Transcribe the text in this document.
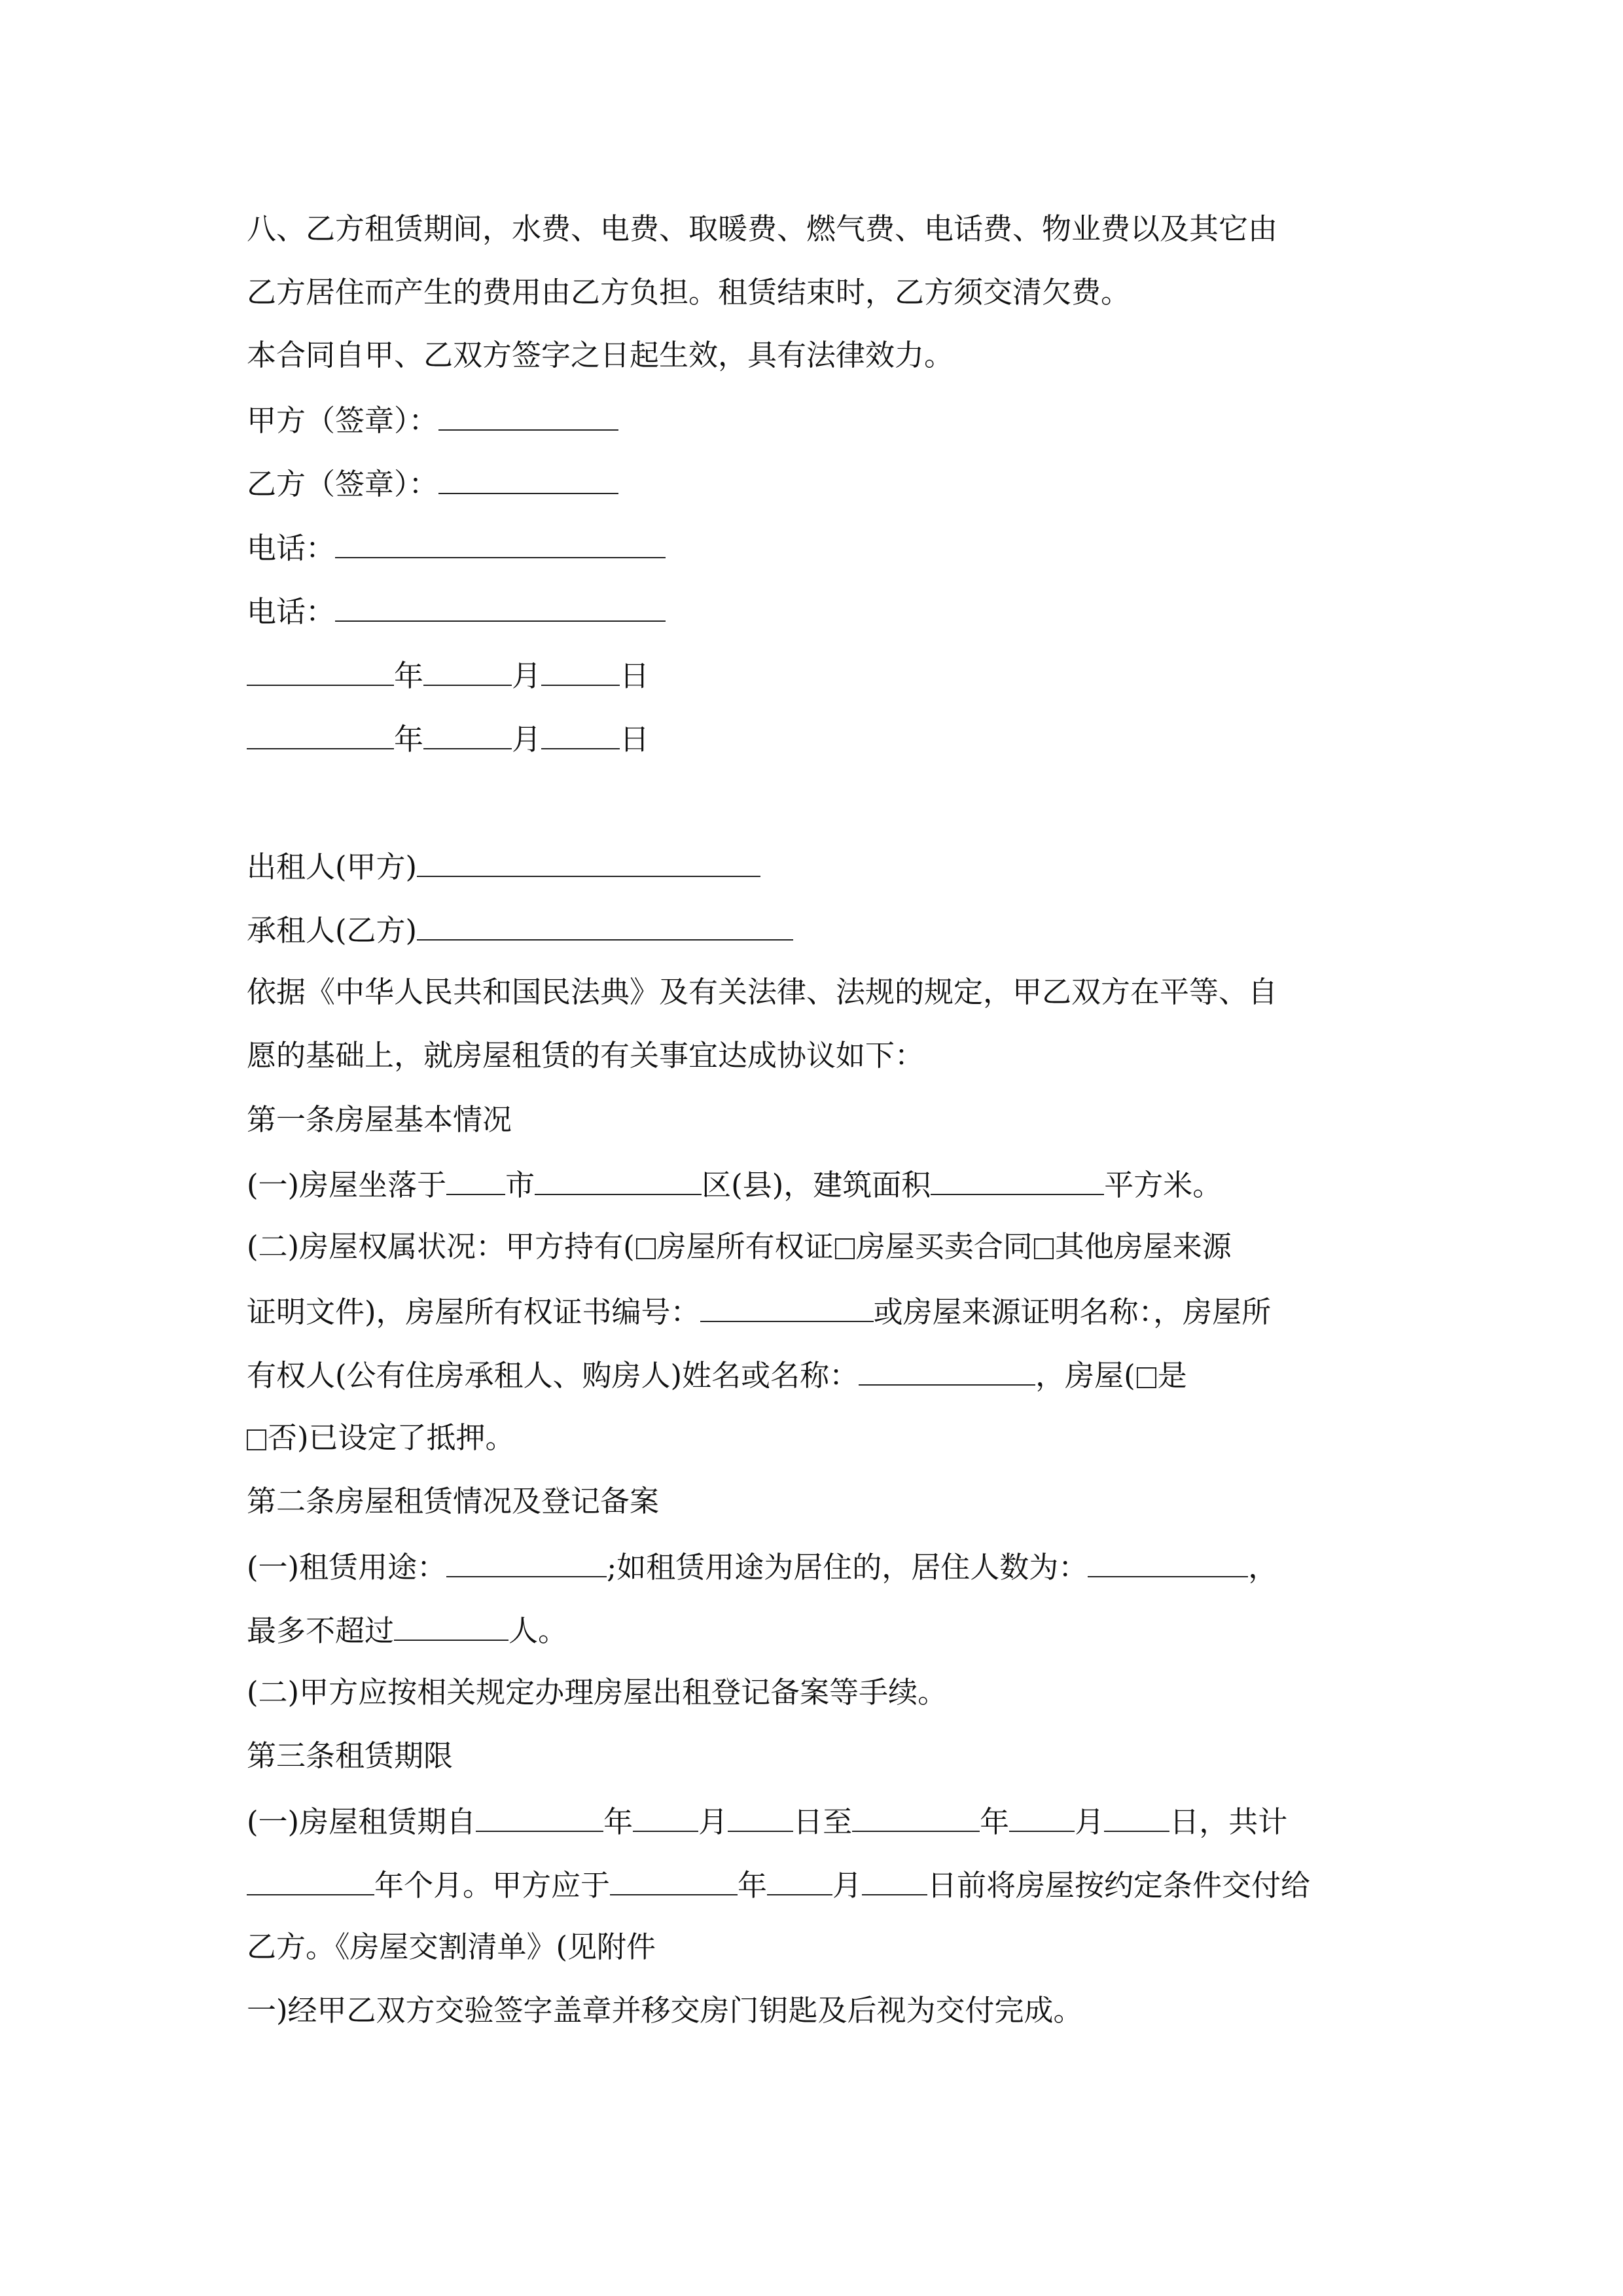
八、乙方租赁期间，水费、电费、取暖费、燃气费、电话费、物业费以及其它由
乙方居住而产生的费用由乙方负担。租赁结束时，乙方须交清欠费。
本合同自甲、乙双方签字之日起生效，具有法律效力。
甲方（签章）：
乙方（签章）：
电话：
电话：
年	月	日
年	月	日
出租人(甲方)
承租人(乙方)
依据《中华人民共和国民法典》及有关法律、法规的规定，甲乙双方在平等、自
愿的基础上，就房屋租赁的有关事宜达成协议如下：
第一条房屋基本情况
(一)房屋坐落于 市	区(县)，建筑面积	平方米。
(二)房屋权属状况：甲方持有( 房屋所有权证 房屋买卖合同 其他房屋来源
证明文件)，房屋所有权证书编号：	或房屋来源证明名称：，房屋所
有权人(公有住房承租人、购房人)姓名或名称：	，房屋( 是
否)已设定了抵押。
第二条房屋租赁情况及登记备案
(一)租赁用途：	;如租赁用途为居住的，居住人数为：	，
最多不超过	人。
(二)甲方应按相关规定办理房屋出租登记备案等手续。
第三条租赁期限
(一)房屋租赁期自	年 月 日至	年 月 日，共计
年个月。甲方应于	年 月 日前将房屋按约定条件交付给
乙方。《房屋交割清单》(见附件
一)经甲乙双方交验签字盖章并移交房门钥匙及后视为交付完成。
